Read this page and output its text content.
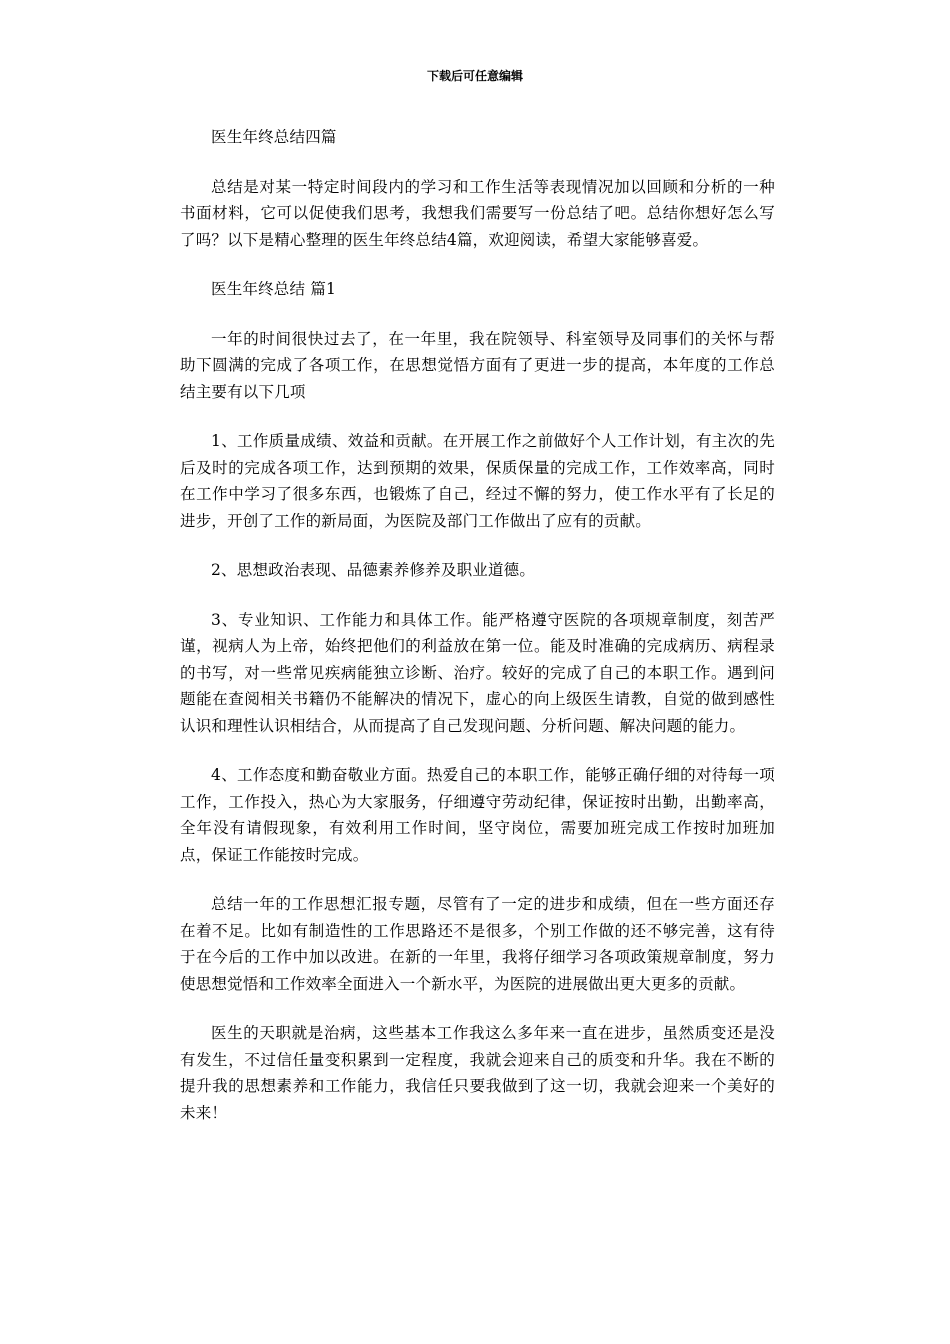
下载后可任意编辑

医生年终总结四篇

总结是对某一特定时间段内的学习和工作生活等表现情况加以回顾和分析的一种书面材料，它可以促使我们思考，我想我们需要写一份总结了吧。总结你想好怎么写了吗？以下是精心整理的医生年终总结4篇，欢迎阅读，希望大家能够喜爱。

医生年终总结 篇1

一年的时间很快过去了，在一年里，我在院领导、科室领导及同事们的关怀与帮助下圆满的完成了各项工作，在思想觉悟方面有了更进一步的提高，本年度的工作总结主要有以下几项

1、工作质量成绩、效益和贡献。在开展工作之前做好个人工作计划，有主次的先后及时的完成各项工作，达到预期的效果，保质保量的完成工作，工作效率高，同时在工作中学习了很多东西，也锻炼了自己，经过不懈的努力，使工作水平有了长足的进步，开创了工作的新局面，为医院及部门工作做出了应有的贡献。

2、思想政治表现、品德素养修养及职业道德。

3、专业知识、工作能力和具体工作。能严格遵守医院的各项规章制度，刻苦严谨，视病人为上帝，始终把他们的利益放在第一位。能及时准确的完成病历、病程录的书写，对一些常见疾病能独立诊断、治疗。较好的完成了自己的本职工作。遇到问题能在查阅相关书籍仍不能解决的情况下，虚心的向上级医生请教，自觉的做到感性认识和理性认识相结合，从而提高了自己发现问题、分析问题、解决问题的能力。

4、工作态度和勤奋敬业方面。热爱自己的本职工作，能够正确仔细的对待每一项工作，工作投入，热心为大家服务，仔细遵守劳动纪律，保证按时出勤，出勤率高，全年没有请假现象，有效利用工作时间，坚守岗位，需要加班完成工作按时加班加点，保证工作能按时完成。

总结一年的工作思想汇报专题，尽管有了一定的进步和成绩，但在一些方面还存在着不足。比如有制造性的工作思路还不是很多，个别工作做的还不够完善，这有待于在今后的工作中加以改进。在新的一年里，我将仔细学习各项政策规章制度，努力使思想觉悟和工作效率全面进入一个新水平，为医院的进展做出更大更多的贡献。

医生的天职就是治病，这些基本工作我这么多年来一直在进步，虽然质变还是没有发生，不过信任量变积累到一定程度，我就会迎来自己的质变和升华。我在不断的提升我的思想素养和工作能力，我信任只要我做到了这一切，我就会迎来一个美好的未来！
